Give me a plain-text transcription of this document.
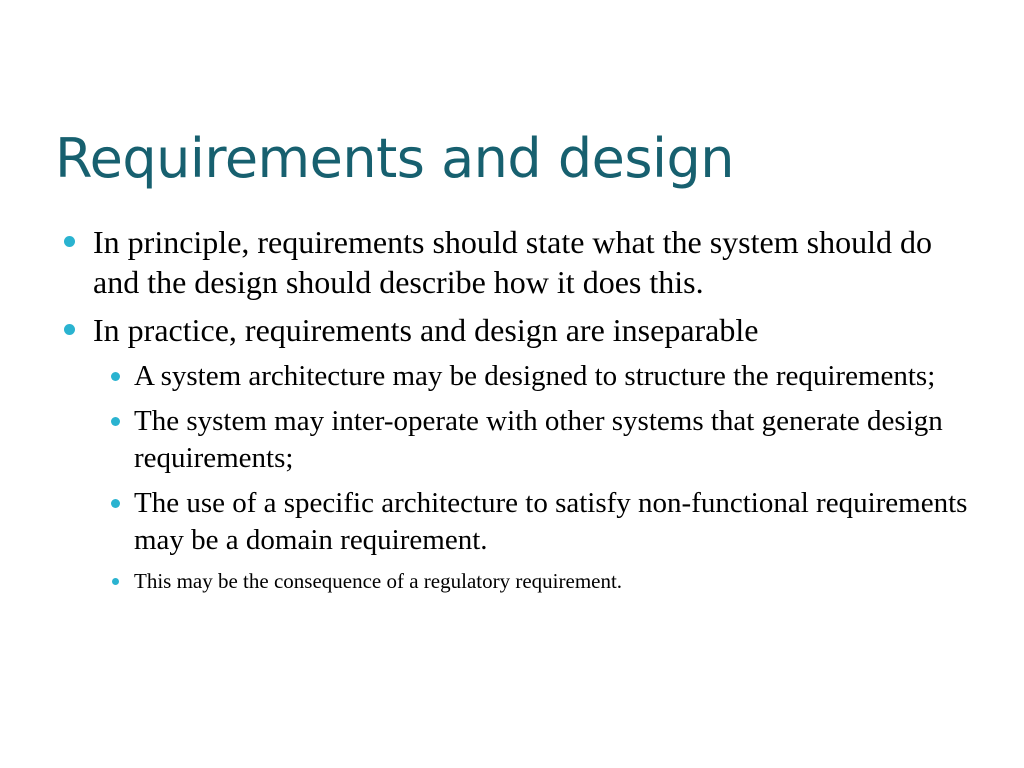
Requirements and design
In principle, requirements should state what the system should do and the design should describe how it does this.
In practice, requirements and design are inseparable
A system architecture may be designed to structure the requirements;
The system may inter-operate with other systems that generate design requirements;
The use of a specific architecture to satisfy non-functional requirements may be a domain requirement.
This may be the consequence of a regulatory requirement.
